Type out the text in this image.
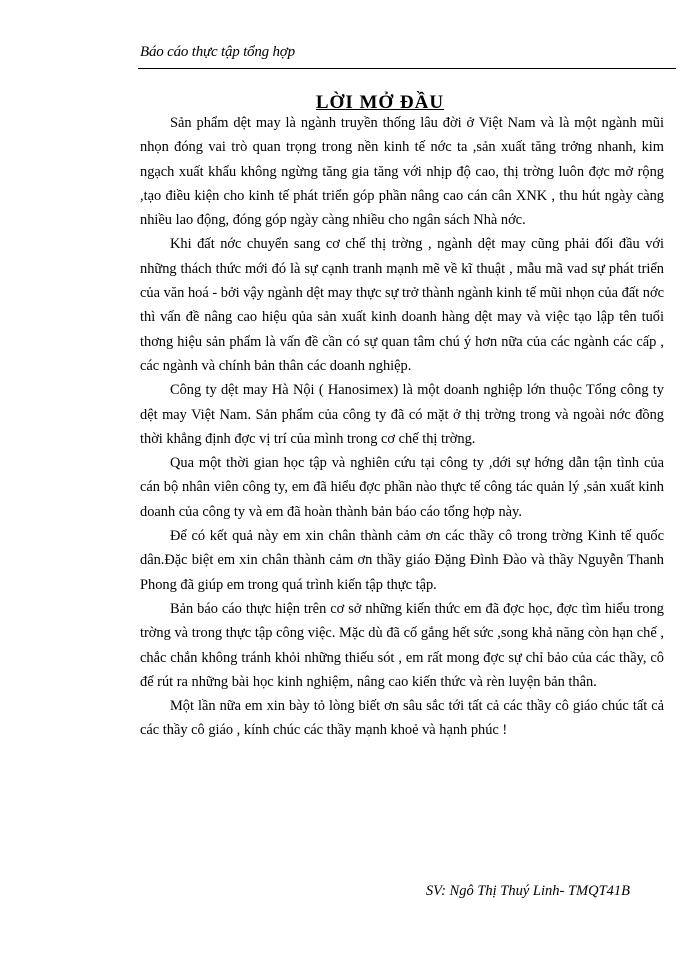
Báo cáo thực tập tổng hợp
LỜI MỞ ĐẦU

Sản phẩm dệt may là ngành truyền thống lâu đời ở Việt Nam và là một ngành mũi nhọn đóng vai trò quan trọng trong nền kinh tế nớc ta ,sản xuất tăng trởng nhanh, kim ngạch xuất khẩu không ngừng tăng gia tăng với nhịp độ cao, thị trờng luôn đợc mở rộng ,tạo điều kiện cho kinh tế phát triển góp phần nâng cao cán cân XNK , thu hút ngày càng nhiều lao động, đóng góp ngày càng nhiều cho ngân sách Nhà nớc.

Khi đất nớc chuyển sang cơ chế thị trờng , ngành dệt may cũng phải đối đầu với những thách thức mới đó là sự cạnh tranh mạnh mẽ về kĩ thuật , mẫu mã vad sự phát triển của văn hoá - bởi vậy ngành dệt may thực sự trở thành ngành kinh tế mũi nhọn của đất nớc thì vấn đề nâng cao hiệu qủa sản xuất kinh doanh hàng dệt may và việc tạo lập tên tuổi thơng hiệu sản phẩm là vấn đề cần có sự quan tâm chú ý hơn nữa của các ngành các cấp , các ngành và chính bản thân các doanh nghiệp.

Công ty dệt may Hà Nội ( Hanosimex) là một doanh nghiệp lớn thuộc Tổng công ty dệt may Việt Nam. Sản phẩm của công ty đã có mặt ở thị trờng trong và ngoài nớc đồng thời khẳng định đợc vị trí của mình trong cơ chế thị trờng.

Qua một thời gian học tập và nghiên cứu tại công ty ,dới sự hớng dẫn tận tình của cán bộ nhân viên công ty, em đã hiểu đợc phần nào thực tế công tác quản lý ,sản xuất kinh doanh của công ty và em đã hoàn thành bản báo cáo tổng hợp này.

Để có kết quả này em xin chân thành cảm ơn các thầy cô trong trờng Kinh tế quốc dân.Đặc biệt em xin chân thành cảm ơn thầy giáo Đặng Đình Đào và thầy Nguyễn Thanh Phong đã giúp em trong quá trình kiến tập thực tập.

Bản báo cáo thực hiện trên cơ sở những kiến thức em đã đợc học, đợc tìm hiểu trong trờng và trong thực tập công việc. Mặc dù đã cố gắng hết sức ,song khả năng còn hạn chế , chắc chắn không tránh khỏi những thiếu sót , em rất mong đợc sự chỉ bảo của các thầy, cô để rút ra những bài học kinh nghiệm, nâng cao kiến thức và rèn luyện bản thân.

Một lần nữa em xin bày tỏ lòng biết ơn sâu sắc tới tất cả các thầy cô giáo chúc tất cả các thầy cô giáo , kính chúc các thầy mạnh khoẻ và hạnh phúc !

SV: Ngô Thị Thuý Linh- TMQT41B
